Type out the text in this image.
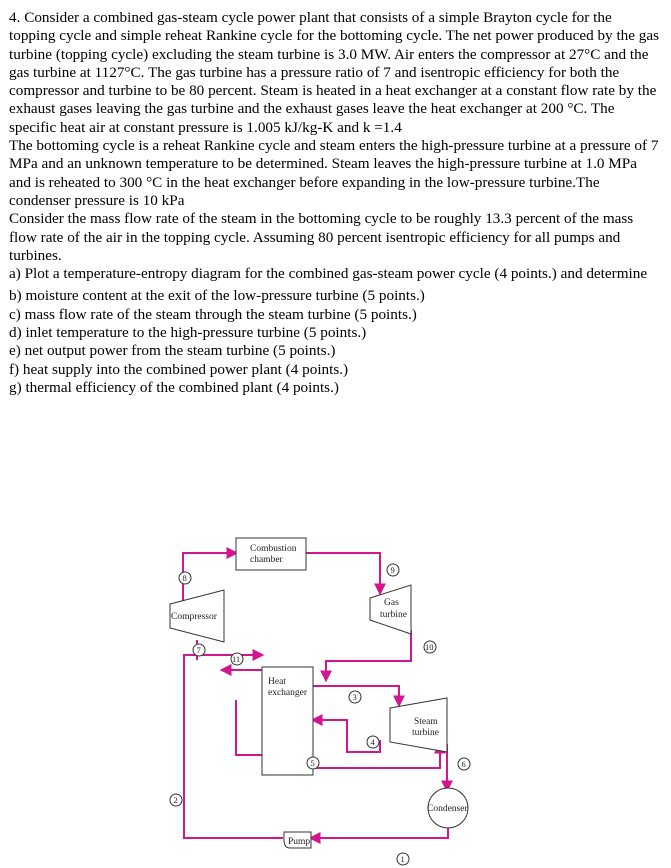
4. Consider a combined gas-steam cycle power plant that consists of a simple Brayton cycle for the topping cycle and simple reheat Rankine cycle for the bottoming cycle. The net power produced by the gas turbine (topping cycle) excluding the steam turbine is 3.0 MW. Air enters the compressor at 27°C and the gas turbine at 1127°C. The gas turbine has a pressure ratio of 7 and isentropic efficiency for both the compressor and turbine to be 80 percent. Steam is heated in a heat exchanger at a constant flow rate by the exhaust gases leaving the gas turbine and the exhaust gases leave the heat exchanger at 200 °C. The specific heat air at constant pressure is 1.005 kJ/kg-K and k =1.4

The bottoming cycle is a reheat Rankine cycle and steam enters the high-pressure turbine at a pressure of 7 MPa and an unknown temperature to be determined. Steam leaves the high-pressure turbine at 1.0 MPa and is reheated to 300 °C in the heat exchanger before expanding in the low-pressure turbine.The condenser pressure is 10 kPa

Consider the mass flow rate of the steam in the bottoming cycle to be roughly 13.3 percent of the mass flow rate of the air in the topping cycle. Assuming 80 percent isentropic efficiency for all pumps and turbines.

a) Plot a temperature-entropy diagram for the combined gas-steam power cycle (4 points.) and determine

b) moisture content at the exit of the low-pressure turbine (5 points.)

c) mass flow rate of the steam through the steam turbine (5 points.)

d) inlet temperature to the high-pressure turbine (5 points.)

e) net output power from the steam turbine (5 points.)

f) heat supply into the combined power plant (4 points.)

g) thermal efficiency of the combined plant (4 points.)

Combustion
chamber
Compressor
Gas
turbine
Heat
exchanger
Steam
turbine
Condenser
Pump
8
9
7
11
10
3
4
5	6
2
1
